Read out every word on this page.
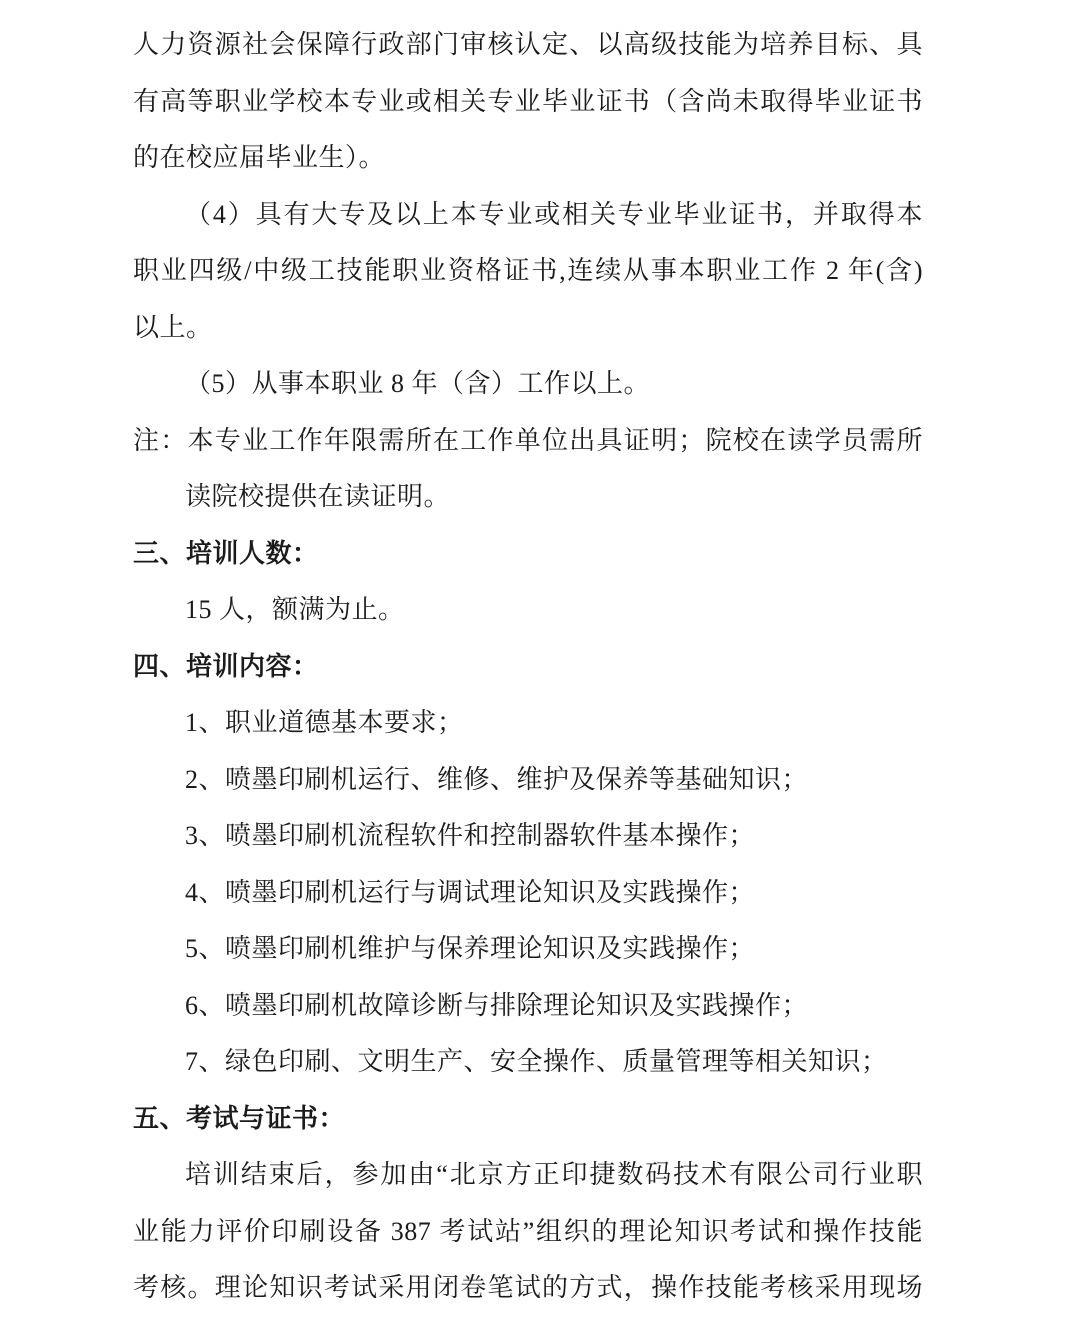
人力资源社会保障行政部门审核认定、以高级技能为培养目标、具
有高等职业学校本专业或相关专业毕业证书（含尚未取得毕业证书
的在校应届毕业生）。
（4）具有大专及以上本专业或相关专业毕业证书，并取得本
职业四级/中级工技能职业资格证书,连续从事本职业工作 2 年(含)
以上。
（5）从事本职业 8 年（含）工作以上。
注：本专业工作年限需所在工作单位出具证明；院校在读学员需所
读院校提供在读证明。
三、培训人数：
15 人，额满为止。
四、培训内容：
1、职业道德基本要求；
2、喷墨印刷机运行、维修、维护及保养等基础知识；
3、喷墨印刷机流程软件和控制器软件基本操作；
4、喷墨印刷机运行与调试理论知识及实践操作；
5、喷墨印刷机维护与保养理论知识及实践操作；
6、喷墨印刷机故障诊断与排除理论知识及实践操作；
7、绿色印刷、文明生产、安全操作、质量管理等相关知识；
五、考试与证书：
培训结束后，参加由“北京方正印捷数码技术有限公司行业职
业能力评价印刷设备 387 考试站”组织的理论知识考试和操作技能
考核。理论知识考试采用闭卷笔试的方式，操作技能考核采用现场
